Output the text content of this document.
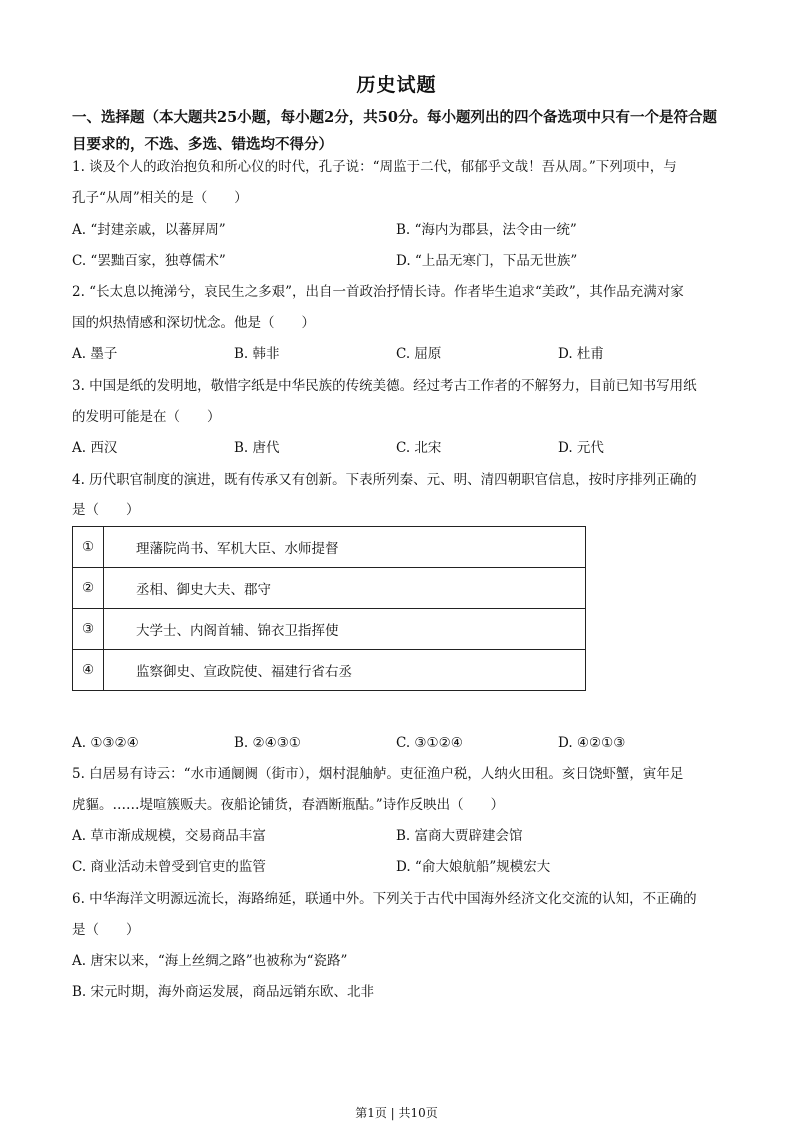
历史试题
一、选择题（本大题共25小题，每小题2分，共50分。每小题列出的四个备选项中只有一个是符合题目要求的，不选、多选、错选均不得分）
1. 谈及个人的政治抱负和所心仪的时代，孔子说：“周监于二代，郁郁乎文哉！吾从周。”下列项中，与
孔子“从周”相关的是（　　）
A. “封建亲戚，以蕃屏周”	B. “海内为郡县，法令由一统”
C. “罢黜百家，独尊儒术”	D. “上品无寒门，下品无世族”
2. “长太息以掩涕兮，哀民生之多艰”，出自一首政治抒情长诗。作者毕生追求“美政”，其作品充满对家
国的炽热情感和深切忧念。他是（　　）
A. 墨子	B. 韩非	C. 屈原	D. 杜甫
3. 中国是纸的发明地，敬惜字纸是中华民族的传统美德。经过考古工作者的不解努力，目前已知书写用纸
的发明可能是在（　　）
A. 西汉	B. 唐代	C. 北宋	D. 元代
4. 历代职官制度的演进，既有传承又有创新。下表所列秦、元、明、清四朝职官信息，按时序排列正确的
是（　　）
①	理藩院尚书、军机大臣、水师提督
②	丞相、御史大夫、郡守
③	大学士、内阁首辅、锦衣卫指挥使
④	监察御史、宣政院使、福建行省右丞
A. ①③②④	B. ②④③①	C. ③①②④	D. ④②①③
5. 白居易有诗云：“水市通阛阓（街市），烟村混舳舻。吏征渔户税，人纳火田租。亥日饶虾蟹，寅年足
虎貙。……堤喧簇贩夫。夜船论铺货，春酒断瓶酤。”诗作反映出（　　）
A. 草市渐成规模，交易商品丰富	B. 富商大贾辟建会馆
C. 商业活动未曾受到官吏的监管	D. “俞大娘航船”规模宏大
6. 中华海洋文明源远流长，海路绵延，联通中外。下列关于古代中国海外经济文化交流的认知，不正确的
是（　　）
A. 唐宋以来，“海上丝绸之路”也被称为“瓷路”
B. 宋元时期，海外商运发展，商品远销东欧、北非
第1页 | 共10页
